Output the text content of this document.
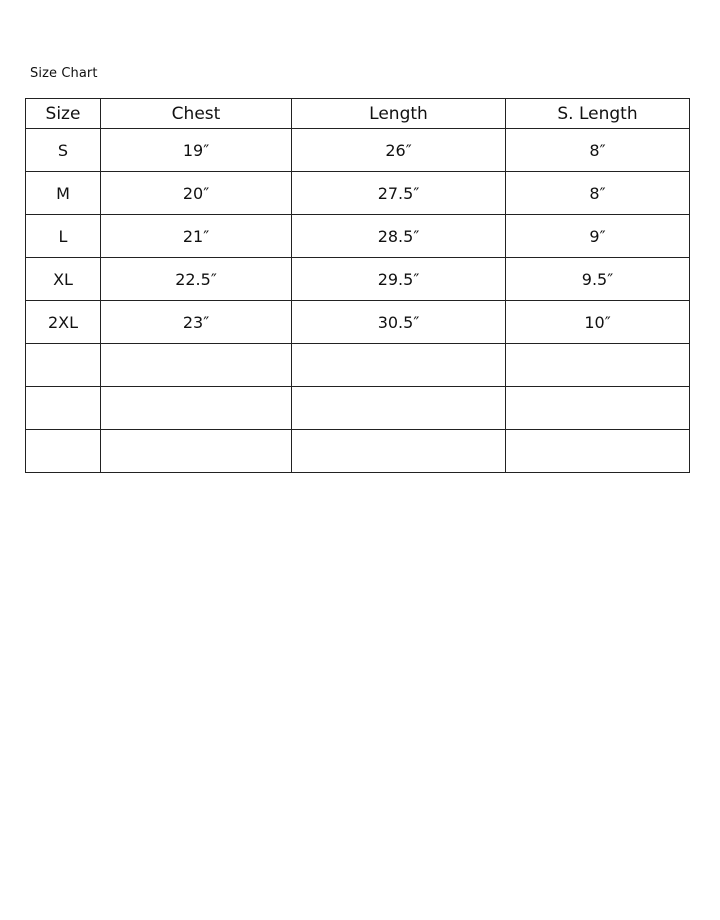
Size Chart
Size	Chest	Length	S. Length
S	19″	26″	8″
M	20″	27.5″	8″
L	21″	28.5″	9″
XL	22.5″	29.5″	9.5″
2XL	23″	30.5″	10″
